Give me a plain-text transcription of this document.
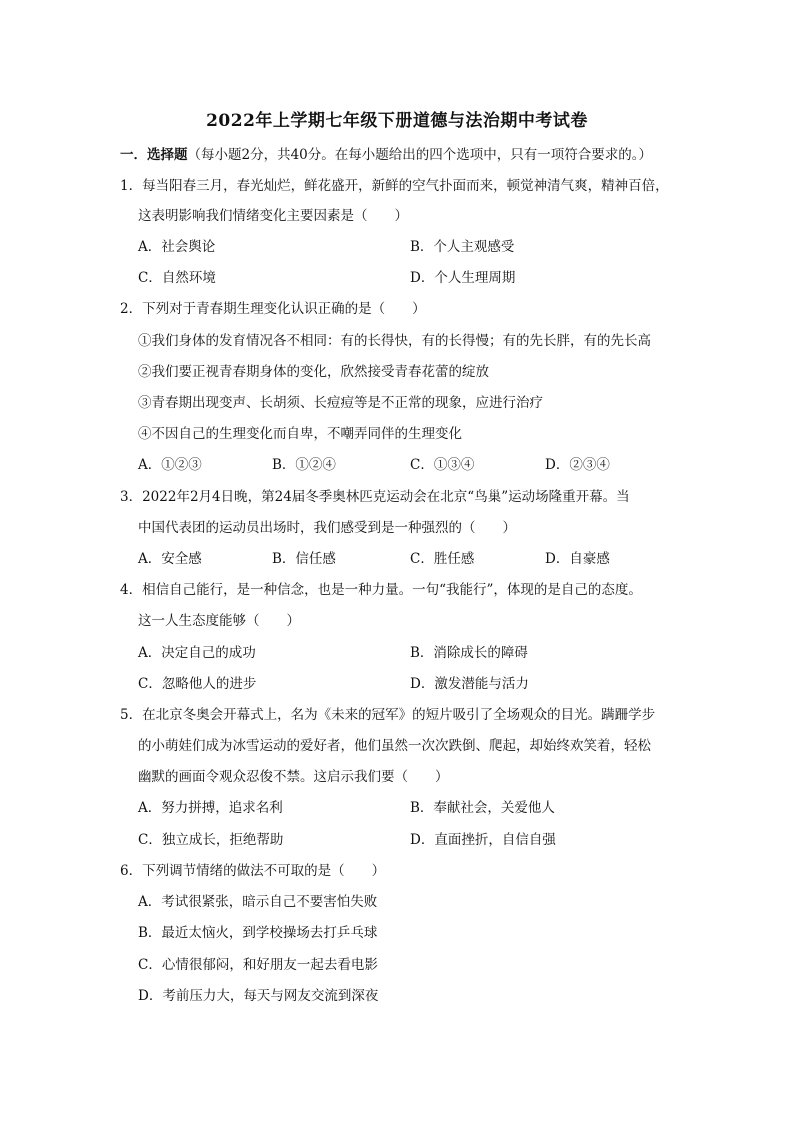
2022年上学期七年级下册道德与法治期中考试卷
一．选择题（每小题2分，共40分。在每小题给出的四个选项中，只有一项符合要求的。）
1．每当阳春三月，春光灿烂，鲜花盛开，新鲜的空气扑面而来，顿觉神清气爽，精神百倍，
这表明影响我们情绪变化主要因素是（　　）
A．社会舆论	B．个人主观感受
C．自然环境	D．个人生理周期
2．下列对于青春期生理变化认识正确的是（　　）
①我们身体的发育情况各不相同：有的长得快，有的长得慢；有的先长胖，有的先长高
②我们要正视青春期身体的变化，欣然接受青春花蕾的绽放
③青春期出现变声、长胡须、长痘痘等是不正常的现象，应进行治疗
④不因自己的生理变化而自卑，不嘲弄同伴的生理变化
A．①②③	B．①②④	C．①③④	D．②③④
3．2022年2月4日晚，第24届冬季奥林匹克运动会在北京“鸟巢”运动场隆重开幕。当
中国代表团的运动员出场时，我们感受到是一种强烈的（　　）
A．安全感	B．信任感	C．胜任感	D．自豪感
4．相信自己能行，是一种信念，也是一种力量。一句“我能行”，体现的是自己的态度。
这一人生态度能够（　　）
A．决定自己的成功	B．消除成长的障碍
C．忽略他人的进步	D．激发潜能与活力
5．在北京冬奥会开幕式上，名为《未来的冠军》的短片吸引了全场观众的目光。蹒跚学步
的小萌娃们成为冰雪运动的爱好者，他们虽然一次次跌倒、爬起，却始终欢笑着，轻松
幽默的画面令观众忍俊不禁。这启示我们要（　　）
A．努力拼搏，追求名利	B．奉献社会，关爱他人
C．独立成长，拒绝帮助	D．直面挫折，自信自强
6．下列调节情绪的做法不可取的是（　　）
A．考试很紧张，暗示自己不要害怕失败
B．最近太恼火，到学校操场去打乒乓球
C．心情很郁闷，和好朋友一起去看电影
D．考前压力大，每天与网友交流到深夜
